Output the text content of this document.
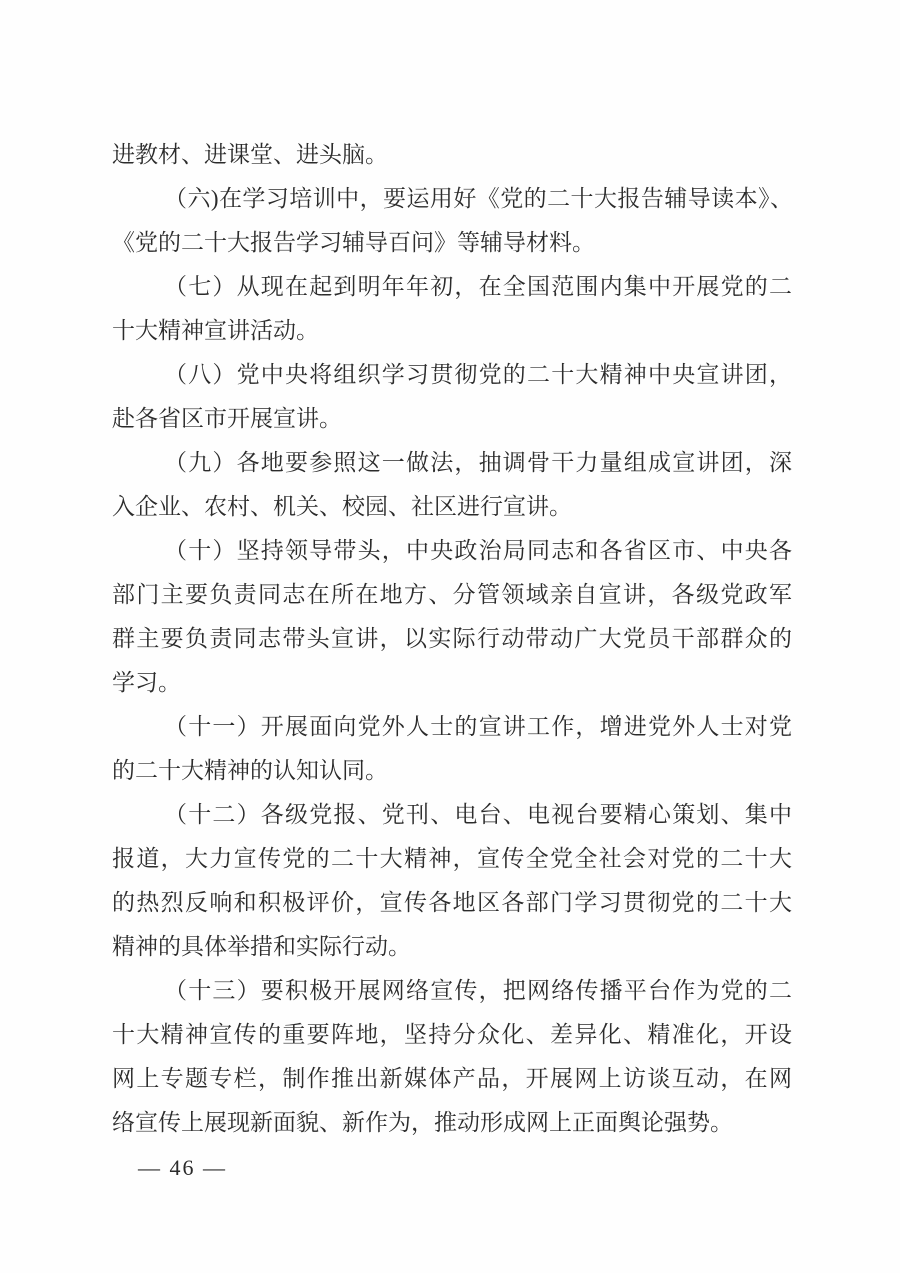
进教材、进课堂、进头脑。
（六)在学习培训中，要运用好《党的二十大报告辅导读本》、
《党的二十大报告学习辅导百问》等辅导材料。
（七）从现在起到明年年初，在全国范围内集中开展党的二
十大精神宣讲活动。
（八）党中央将组织学习贯彻党的二十大精神中央宣讲团，
赴各省区市开展宣讲。
（九）各地要参照这一做法，抽调骨干力量组成宣讲团，深
入企业、农村、机关、校园、社区进行宣讲。
（十）坚持领导带头，中央政治局同志和各省区市、中央各
部门主要负责同志在所在地方、分管领域亲自宣讲，各级党政军
群主要负责同志带头宣讲，以实际行动带动广大党员干部群众的
学习。
（十一）开展面向党外人士的宣讲工作，增进党外人士对党
的二十大精神的认知认同。
（十二）各级党报、党刊、电台、电视台要精心策划、集中
报道，大力宣传党的二十大精神，宣传全党全社会对党的二十大
的热烈反响和积极评价，宣传各地区各部门学习贯彻党的二十大
精神的具体举措和实际行动。
（十三）要积极开展网络宣传，把网络传播平台作为党的二
十大精神宣传的重要阵地，坚持分众化、差异化、精准化，开设
网上专题专栏，制作推出新媒体产品，开展网上访谈互动，在网
络宣传上展现新面貌、新作为，推动形成网上正面舆论强势。
— 46 —
